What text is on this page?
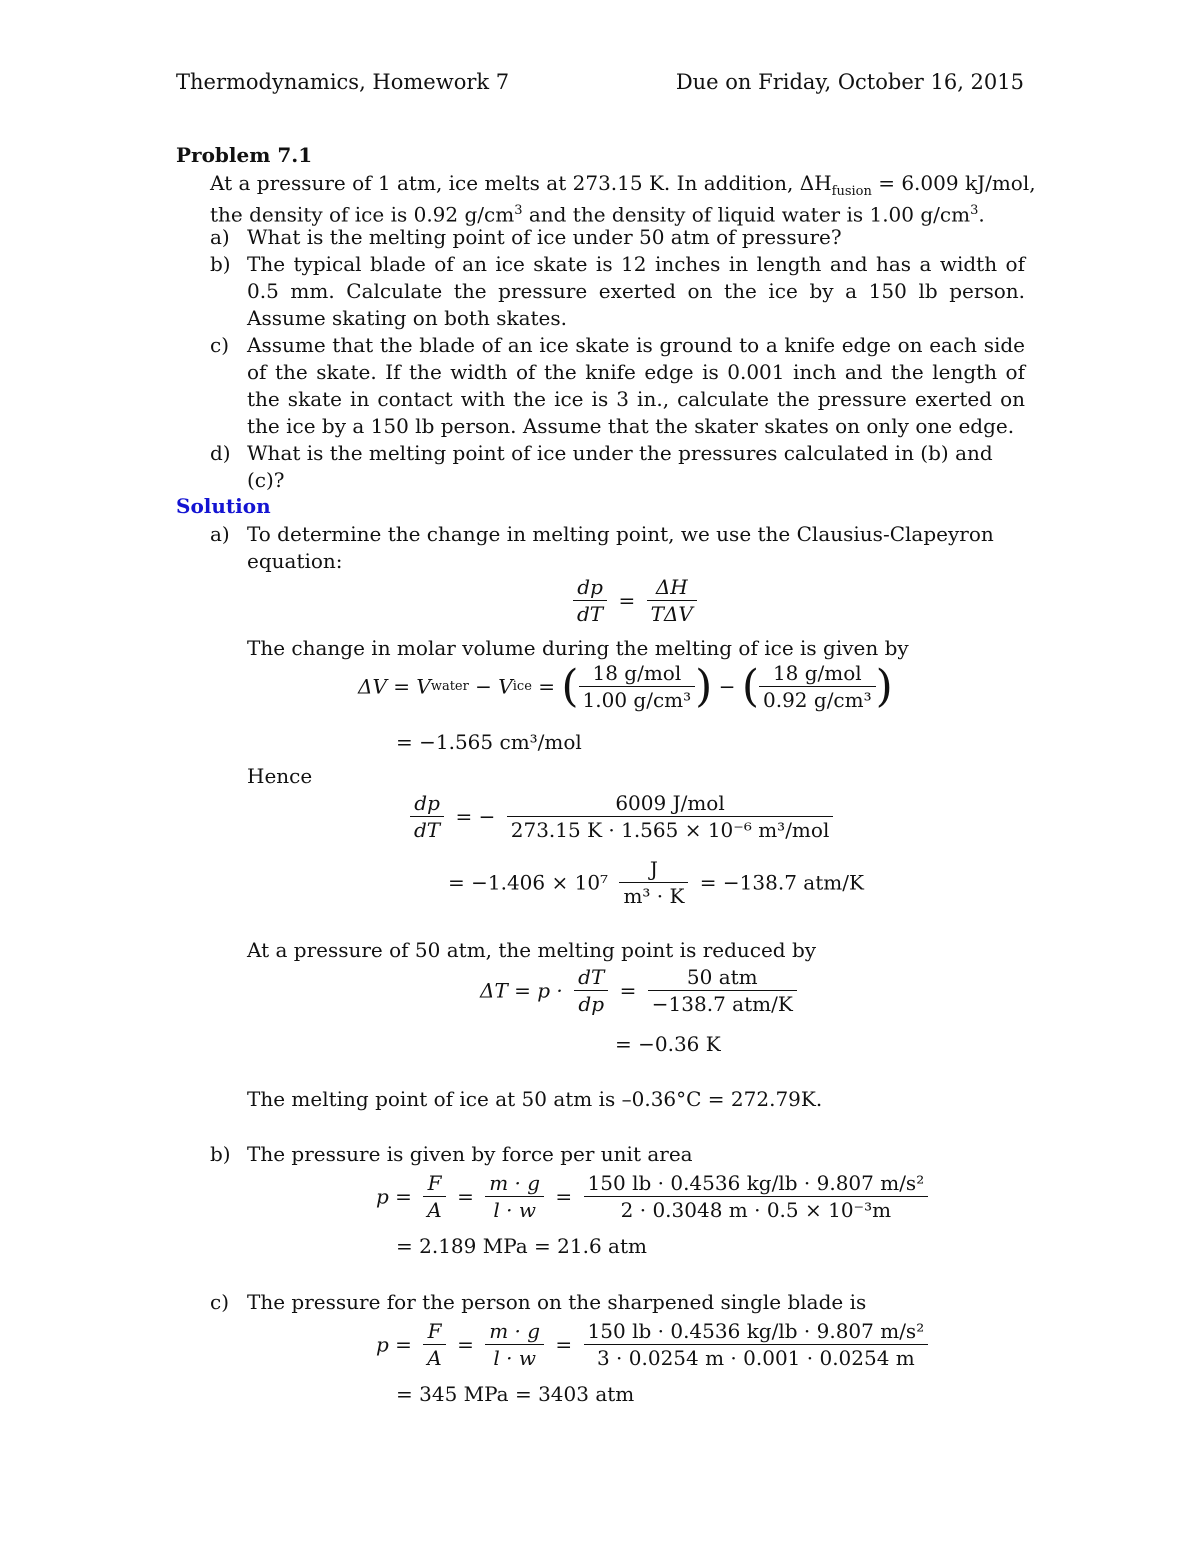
Thermodynamics, Homework 7	Due on Friday, October 16, 2015
Problem 7.1
At a pressure of 1 atm, ice melts at 273.15 K. In addition, $\Delta H_{fusion} = 6.009$ kJ/mol,
the density of ice is 0.92 $g/cm^3$ and the density of liquid water is 1.00 $g/cm^3$.
a) What is the melting point of ice under 50 atm of pressure?
b) The typical blade of an ice skate is 12 inches in length and has a width of 0.5 mm. Calculate the pressure exerted on the ice by a 150 lb person. Assume skating on both skates.
c) Assume that the blade of an ice skate is ground to a knife edge on each side of the skate. If the width of the knife edge is 0.001 inch and the length of the skate in contact with the ice is 3 in., calculate the pressure exerted on the ice by a 150 lb person. Assume that the skater skates on only one edge.
d) What is the melting point of ice under the pressures calculated in (b) and (c)?
Solution
a) To determine the change in melting point, we use the Clausius-Clapeyron
equation:
$\frac{dp}{dT} = \frac{\Delta H}{\text{TΔV}}$
The change in molar volume during the melting of ice is given by
ΔV = Vwater − Vice = ( $\frac{\text{18 g/mol}}{\text{1.00 g/cm³}}$ ) − ( $\frac{\text{18 g/mol}}{\text{0.92 g/cm³}}$ )
= −1.565 cm³/mol
Hence
$\frac{dp}{dT}$ = − $\frac{\text{6009 J/mol}}{\text{273.15 K · 1.565 × 10⁻⁶ m³/mol}}$
= $-1.406 \times 10^7 \frac{J}{\text{m³ · K}} = -138.7$ atm/K
At a pressure of 50 atm, the melting point is reduced by
$\Delta T = p \cdot \frac{dT}{dp} = \frac{\text{50 atm}}{\text{−138.7 atm/K}}$
= −0.36 K
The melting point of ice at 50 atm is –0.36°C = 272.79K.
b) The pressure is given by force per unit area
$p = \frac{F}{A} = \frac{m \cdot g}{l \cdot w} = \frac{\text{150 lb · 0.4536 kg/lb · 9.807 m/s²}}{\text{2 · 0.3048 m · 0.5 × 10⁻³m}}$
= 2.189 MPa = 21.6 atm
c) The pressure for the person on the sharpened single blade is
$p = \frac{F}{A} = \frac{m \cdot g}{l \cdot w} = \frac{\text{150 lb · 0.4536 kg/lb · 9.807 m/s²}}{3 \cdot 0.0254 m \cdot 0.001 \cdot 0.0254 m}$
= 345 MPa = 3403 atm
